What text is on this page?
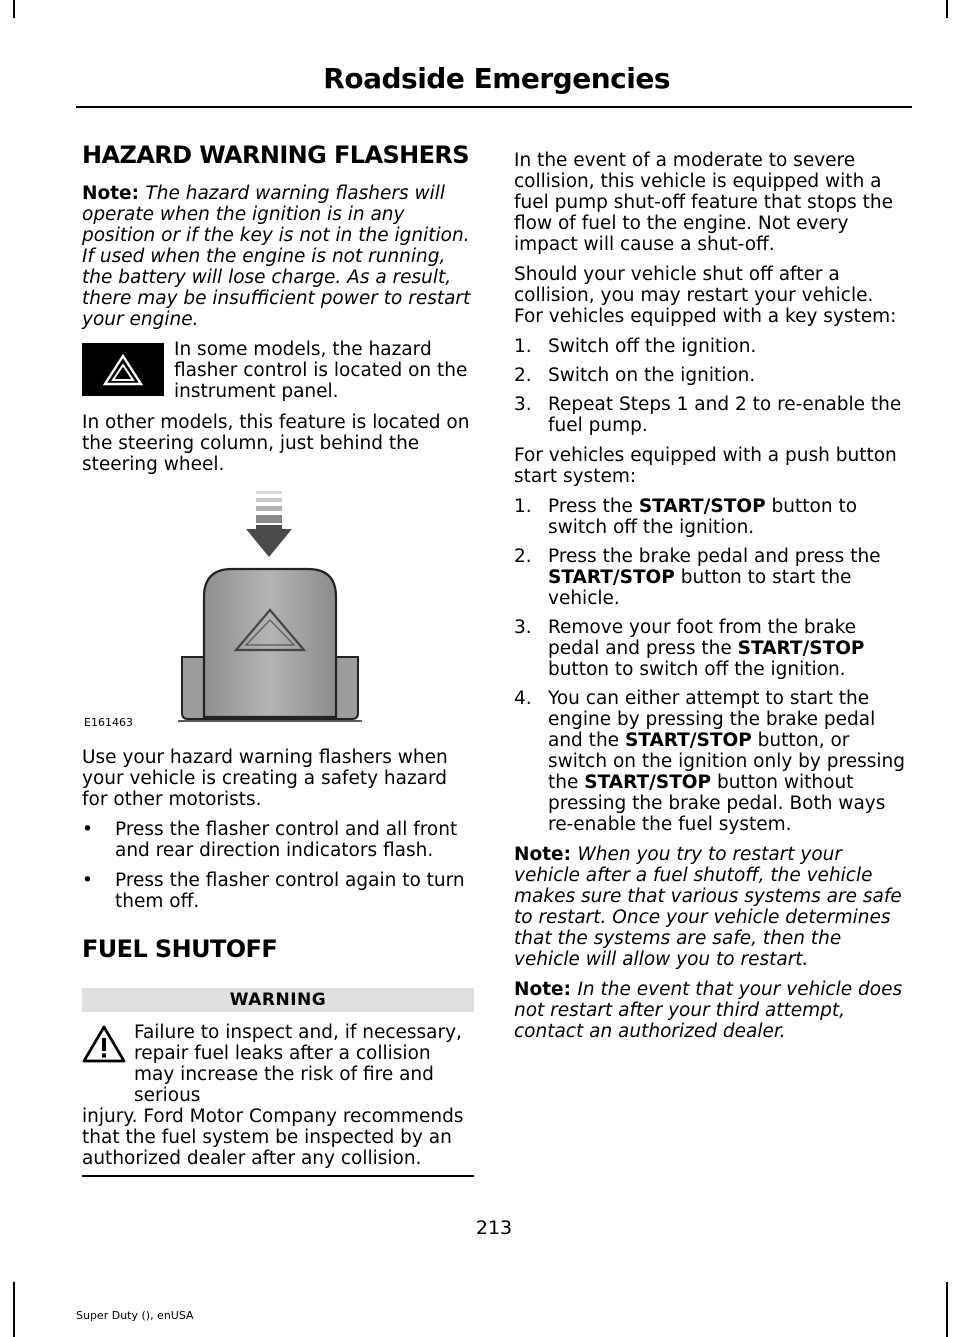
Roadside Emergencies
HAZARD WARNING FLASHERS

Note: The hazard warning flashers will operate when the ignition is in any position or if the key is not in the ignition. If used when the engine is not running, the battery will lose charge. As a result, there may be insufficient power to restart your engine.

In some models, the hazard flasher control is located on the instrument panel.

In other models, this feature is located on the steering column, just behind the steering wheel.

E161463

Use your hazard warning flashers when your vehicle is creating a safety hazard for other motorists.

• Press the flasher control and all front and rear direction indicators flash.
• Press the flasher control again to turn them off.
FUEL SHUTOFF
WARNING

Failure to inspect and, if necessary, repair fuel leaks after a collision may increase the risk of fire and serious

injury. Ford Motor Company recommends that the fuel system be inspected by an authorized dealer after any collision.

In the event of a moderate to severe collision, this vehicle is equipped with a fuel pump shut-off feature that stops the flow of fuel to the engine. Not every impact will cause a shut-off.

Should your vehicle shut off after a collision, you may restart your vehicle. For vehicles equipped with a key system:

1. Switch off the ignition.
2. Switch on the ignition.
3. Repeat Steps 1 and 2 to re-enable the fuel pump.

For vehicles equipped with a push button start system:

1. Press the START/STOP button to switch off the ignition.
2. Press the brake pedal and press the START/STOP button to start the vehicle.
3. Remove your foot from the brake pedal and press the START/STOP button to switch off the ignition.
4. You can either attempt to start the engine by pressing the brake pedal and the START/STOP button, or switch on the ignition only by pressing the START/STOP button without pressing the brake pedal. Both ways re-enable the fuel system.

Note: When you try to restart your vehicle after a fuel shutoff, the vehicle makes sure that various systems are safe to restart. Once your vehicle determines that the systems are safe, then the vehicle will allow you to restart.

Note: In the event that your vehicle does not restart after your third attempt, contact an authorized dealer.

213
Super Duty (), enUSA
